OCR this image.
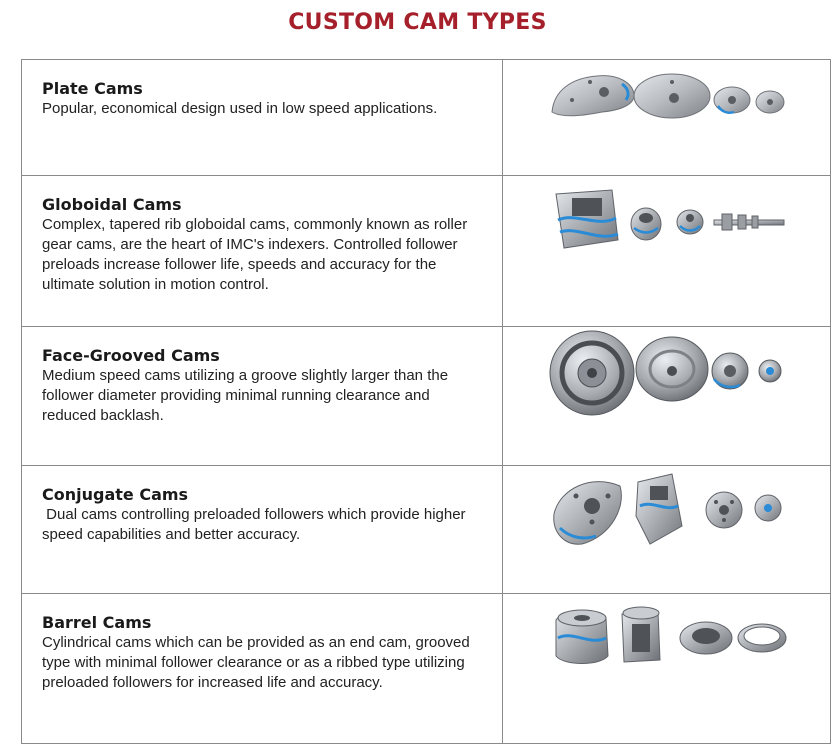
CUSTOM CAM TYPES
Plate Cams
Popular, economical design used in low speed applications.

Globoidal Cams
Complex, tapered rib globoidal cams, commonly known as roller gear cams, are the heart of IMC's indexers. Controlled follower preloads increase follower life, speeds and accuracy for the ultimate solution in motion control.

Face-Grooved Cams
Medium speed cams utilizing a groove slightly larger than the follower diameter providing minimal running clearance and reduced backlash.

Conjugate Cams
Dual cams controlling preloaded followers which provide higher speed capabilities and better accuracy.

Barrel Cams
Cylindrical cams which can be provided as an end cam, grooved type with minimal follower clearance or as a ribbed type utilizing preloaded followers for increased life and accuracy.
